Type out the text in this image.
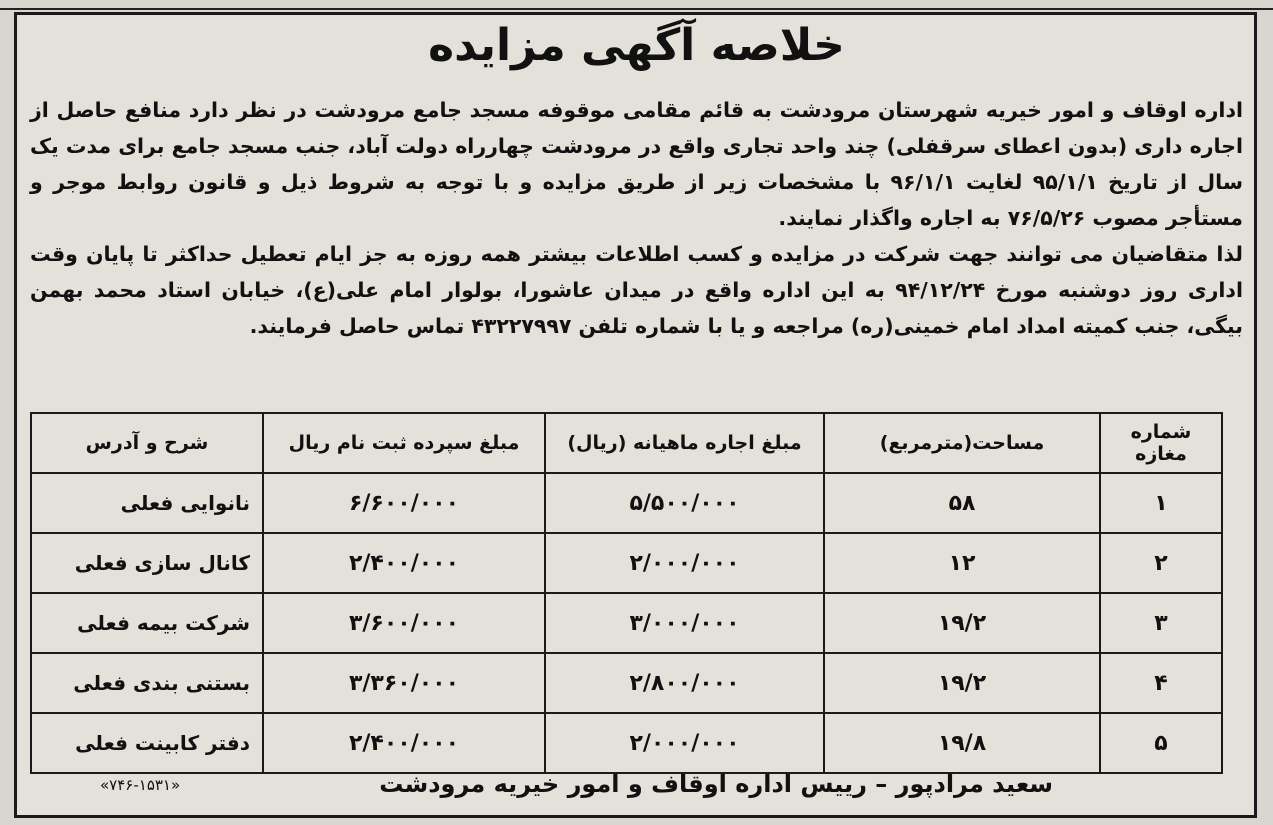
خلاصه آگهی مزایده

اداره اوقاف و امور خیریه شهرستان مرودشت به قائم مقامی موقوفه مسجد جامع مرودشت در نظر دارد منافع حاصل از اجاره داری (بدون اعطای سرقفلی) چند واحد تجاری واقع در مرودشت چهارراه دولت آباد، جنب مسجد جامع برای مدت یک سال از تاریخ ۹۵/۱/۱ لغایت ۹۶/۱/۱ با مشخصات زیر از طریق مزایده و با توجه به شروط ذیل و قانون روابط موجر و مستأجر مصوب ۷۶/۵/۲۶ به اجاره واگذار نمایند.

لذا متقاضیان می توانند جهت شرکت در مزایده و کسب اطلاعات بیشتر همه روزه به جز ایام تعطیل حداکثر تا پایان وقت اداری روز دوشنبه مورخ ۹۴/۱۲/۲۴ به این اداره واقع در میدان عاشورا، بولوار امام علی(ع)، خیابان استاد محمد بهمن بیگی، جنب کمیته امداد امام خمینی(ره) مراجعه و یا با شماره تلفن ۴۳۲۲۷۹۹۷ تماس حاصل فرمایند.

شماره مغازه	مساحت(مترمربع)	مبلغ اجاره ماهیانه (ریال)	مبلغ سپرده ثبت نام ریال	شرح و آدرس
۱	۵۸	۵/۵۰۰/۰۰۰	۶/۶۰۰/۰۰۰	نانوایی فعلی
۲	۱۲	۲/۰۰۰/۰۰۰	۲/۴۰۰/۰۰۰	کانال سازی فعلی
۳	۱۹/۲	۳/۰۰۰/۰۰۰	۳/۶۰۰/۰۰۰	شرکت بیمه فعلی
۴	۱۹/۲	۲/۸۰۰/۰۰۰	۳/۳۶۰/۰۰۰	بستنی بندی فعلی
۵	۱۹/۸	۲/۰۰۰/۰۰۰	۲/۴۰۰/۰۰۰	دفتر کابینت فعلی
سعید مرادپور – رییس اداره اوقاف و امور خیریه مرودشت
«۷۴۶-۱۵۳۱»
